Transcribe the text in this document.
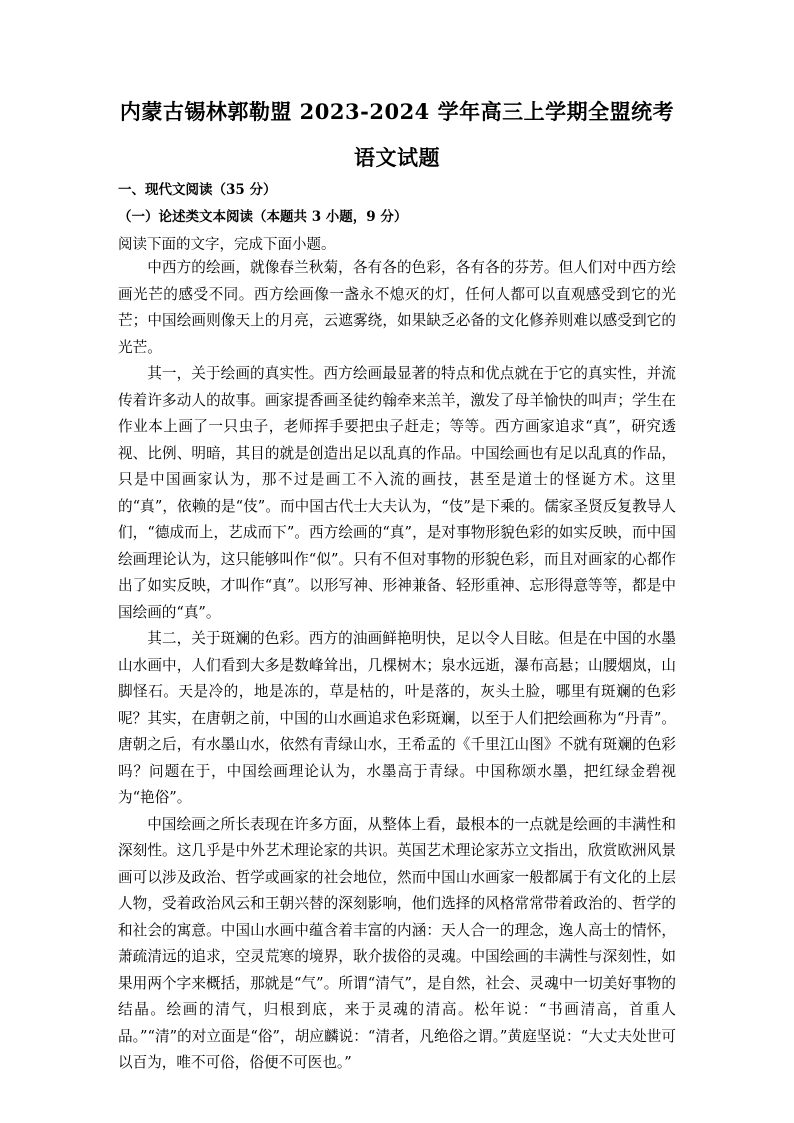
内蒙古锡林郭勒盟 2023-2024 学年高三上学期全盟统考
语文试题
一、现代文阅读（35 分）
（一）论述类文本阅读（本题共 3 小题，9 分）
阅读下面的文字，完成下面小题。

中西方的绘画，就像春兰秋菊，各有各的色彩，各有各的芬芳。但人们对中西方绘画光芒的感受不同。西方绘画像一盏永不熄灭的灯，任何人都可以直观感受到它的光芒；中国绘画则像天上的月亮，云遮雾绕，如果缺乏必备的文化修养则难以感受到它的光芒。

其一，关于绘画的真实性。西方绘画最显著的特点和优点就在于它的真实性，并流传着许多动人的故事。画家提香画圣徒约翰牵来羔羊，激发了母羊愉快的叫声；学生在作业本上画了一只虫子，老师挥手要把虫子赶走；等等。西方画家追求“真”，研究透视、比例、明暗，其目的就是创造出足以乱真的作品。中国绘画也有足以乱真的作品，只是中国画家认为，那不过是画工不入流的画技，甚至是道士的怪诞方术。这里的“真”，依赖的是“伎”。而中国古代士大夫认为，“伎”是下乘的。儒家圣贤反复教导人们，“德成而上，艺成而下”。西方绘画的“真”，是对事物形貌色彩的如实反映，而中国绘画理论认为，这只能够叫作“似”。只有不但对事物的形貌色彩，而且对画家的心都作出了如实反映，才叫作“真”。以形写神、形神兼备、轻形重神、忘形得意等等，都是中国绘画的“真”。

其二，关于斑斓的色彩。西方的油画鲜艳明快，足以令人目眩。但是在中国的水墨山水画中，人们看到大多是数峰耸出，几棵树木；泉水远逝，瀑布高悬；山腰烟岚，山脚怪石。天是冷的，地是冻的，草是枯的，叶是落的，灰头土脸，哪里有斑斓的色彩呢？其实，在唐朝之前，中国的山水画追求色彩斑斓，以至于人们把绘画称为“丹青”。唐朝之后，有水墨山水，依然有青绿山水，王希孟的《千里江山图》不就有斑斓的色彩吗？问题在于，中国绘画理论认为，水墨高于青绿。中国称颂水墨，把红绿金碧视为“艳俗”。

中国绘画之所长表现在许多方面，从整体上看，最根本的一点就是绘画的丰满性和深刻性。这几乎是中外艺术理论家的共识。英国艺术理论家苏立文指出，欣赏欧洲风景画可以涉及政治、哲学或画家的社会地位，然而中国山水画家一般都属于有文化的上层人物，受着政治风云和王朝兴替的深刻影响，他们选择的风格常常带着政治的、哲学的和社会的寓意。中国山水画中蕴含着丰富的内涵：天人合一的理念，逸人高士的情怀，萧疏清远的追求，空灵荒寒的境界，耿介拔俗的灵魂。中国绘画的丰满性与深刻性，如果用两个字来概括，那就是“气”。所谓“清气”，是自然，社会、灵魂中一切美好事物的结晶。绘画的清气，归根到底，来于灵魂的清高。松年说：“书画清高，首重人品。”“清”的对立面是“俗”，胡应麟说：“清者，凡绝俗之谓。”黄庭坚说：“大丈夫处世可以百为，唯不可俗，俗便不可医也。”
